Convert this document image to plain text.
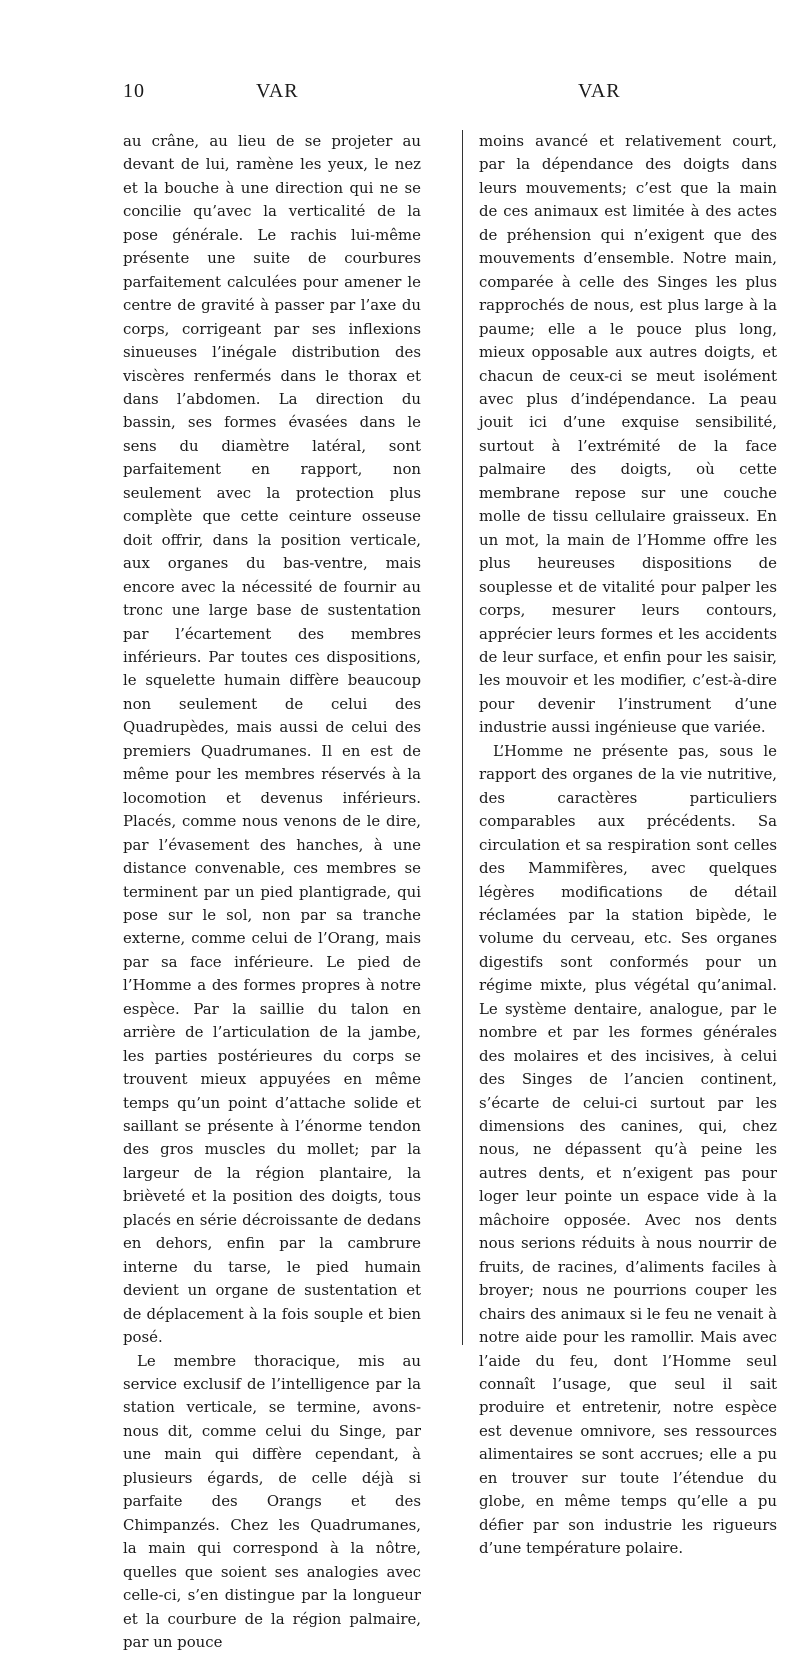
10	VAR	VAR

au crâne, au lieu de se projeter au devant de lui, ramène les yeux, le nez et la bouche à une direction qui ne se concilie qu’avec la verticalité de la pose générale. Le rachis lui-même présente une suite de courbures parfaitement calculées pour amener le centre de gravité à passer par l’axe du corps, corrigeant par ses inflexions sinueuses l’inégale distribution des viscères renfermés dans le thorax et dans l’abdomen. La direction du bassin, ses formes évasées dans le sens du diamètre latéral, sont parfaitement en rapport, non seulement avec la protection plus complète que cette ceinture osseuse doit offrir, dans la position verticale, aux organes du bas-ventre, mais encore avec la nécessité de fournir au tronc une large base de sustentation par l’écartement des membres inférieurs. Par toutes ces dispositions, le squelette humain diffère beaucoup non seulement de celui des Quadrupèdes, mais aussi de celui des premiers Quadrumanes. Il en est de même pour les membres réservés à la locomotion et devenus inférieurs. Placés, comme nous venons de le dire, par l’évasement des hanches, à une distance convenable, ces membres se terminent par un pied plantigrade, qui pose sur le sol, non par sa tranche externe, comme celui de l’Orang, mais par sa face inférieure. Le pied de l’Homme a des formes propres à notre espèce. Par la saillie du talon en arrière de l’articulation de la jambe, les parties postérieures du corps se trouvent mieux appuyées en même temps qu’un point d’attache solide et saillant se présente à l’énorme tendon des gros muscles du mollet; par la largeur de la région plantaire, la brièveté et la position des doigts, tous placés en série décroissante de dedans en dehors, enfin par la cambrure interne du tarse, le pied humain devient un organe de sustentation et de déplacement à la fois souple et bien posé.

Le membre thoracique, mis au service exclusif de l’intelligence par la station verticale, se termine, avons-nous dit, comme celui du Singe, par une main qui diffère cependant, à plusieurs égards, de celle déjà si parfaite des Orangs et des Chimpanzés. Chez les Quadrumanes, la main qui correspond à la nôtre, quelles que soient ses analogies avec celle-ci, s’en distingue par la longueur et la courbure de la région palmaire, par un pouce

moins avancé et relativement court, par la dépendance des doigts dans leurs mouvements; c’est que la main de ces animaux est limitée à des actes de préhension qui n’exigent que des mouvements d’ensemble. Notre main, comparée à celle des Singes les plus rapprochés de nous, est plus large à la paume; elle a le pouce plus long, mieux opposable aux autres doigts, et chacun de ceux-ci se meut isolément avec plus d’indépendance. La peau jouit ici d’une exquise sensibilité, surtout à l’extrémité de la face palmaire des doigts, où cette membrane repose sur une couche molle de tissu cellulaire graisseux. En un mot, la main de l’Homme offre les plus heureuses dispositions de souplesse et de vitalité pour palper les corps, mesurer leurs contours, apprécier leurs formes et les accidents de leur surface, et enfin pour les saisir, les mouvoir et les modifier, c’est-à-dire pour devenir l’instrument d’une industrie aussi ingénieuse que variée.

L’Homme ne présente pas, sous le rapport des organes de la vie nutritive, des caractères particuliers comparables aux précédents. Sa circulation et sa respiration sont celles des Mammifères, avec quelques légères modifications de détail réclamées par la station bipède, le volume du cerveau, etc. Ses organes digestifs sont conformés pour un régime mixte, plus végétal qu’animal. Le système dentaire, analogue, par le nombre et par les formes générales des molaires et des incisives, à celui des Singes de l’ancien continent, s’écarte de celui-ci surtout par les dimensions des canines, qui, chez nous, ne dépassent qu’à peine les autres dents, et n’exigent pas pour loger leur pointe un espace vide à la mâchoire opposée. Avec nos dents nous serions réduits à nous nourrir de fruits, de racines, d’aliments faciles à broyer; nous ne pourrions couper les chairs des animaux si le feu ne venait à notre aide pour les ramollir. Mais avec l’aide du feu, dont l’Homme seul connaît l’usage, que seul il sait produire et entretenir, notre espèce est devenue omnivore, ses ressources alimentaires se sont accrues; elle a pu en trouver sur toute l’étendue du globe, en même temps qu’elle a pu défier par son industrie les rigueurs d’une température polaire.
